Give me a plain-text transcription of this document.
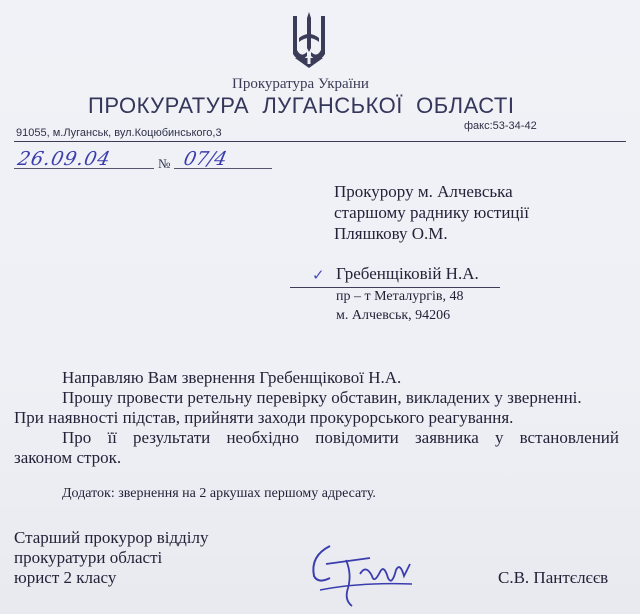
Прокуратура України
ПРОКУРАТУРА  ЛУГАНСЬКОЇ  ОБЛАСТІ
91055, м.Луганськ, вул.Коцюбинського,3
факс:53-34-42
26.09.04	№ 07/4
Прокурору м. Алчевська
старшому раднику юстиції
Пляшкову О.М.
✓ Гребенщіковій Н.А.
пр – т Металургів, 48
м. Алчевськ, 94206
Направляю Вам звернення Гребенщікової Н.А.
Прошу провести ретельну перевірку обставин, викладених у зверненні.
При наявності підстав, прийняти заходи прокурорського реагування.
Про її результати необхідно повідомити заявника у встановлений
законом строк.
Додаток: звернення на 2 аркушах першому адресату.
Старший прокурор відділу
прокуратури області
юрист 2 класу	С.В. Пантєлєєв
